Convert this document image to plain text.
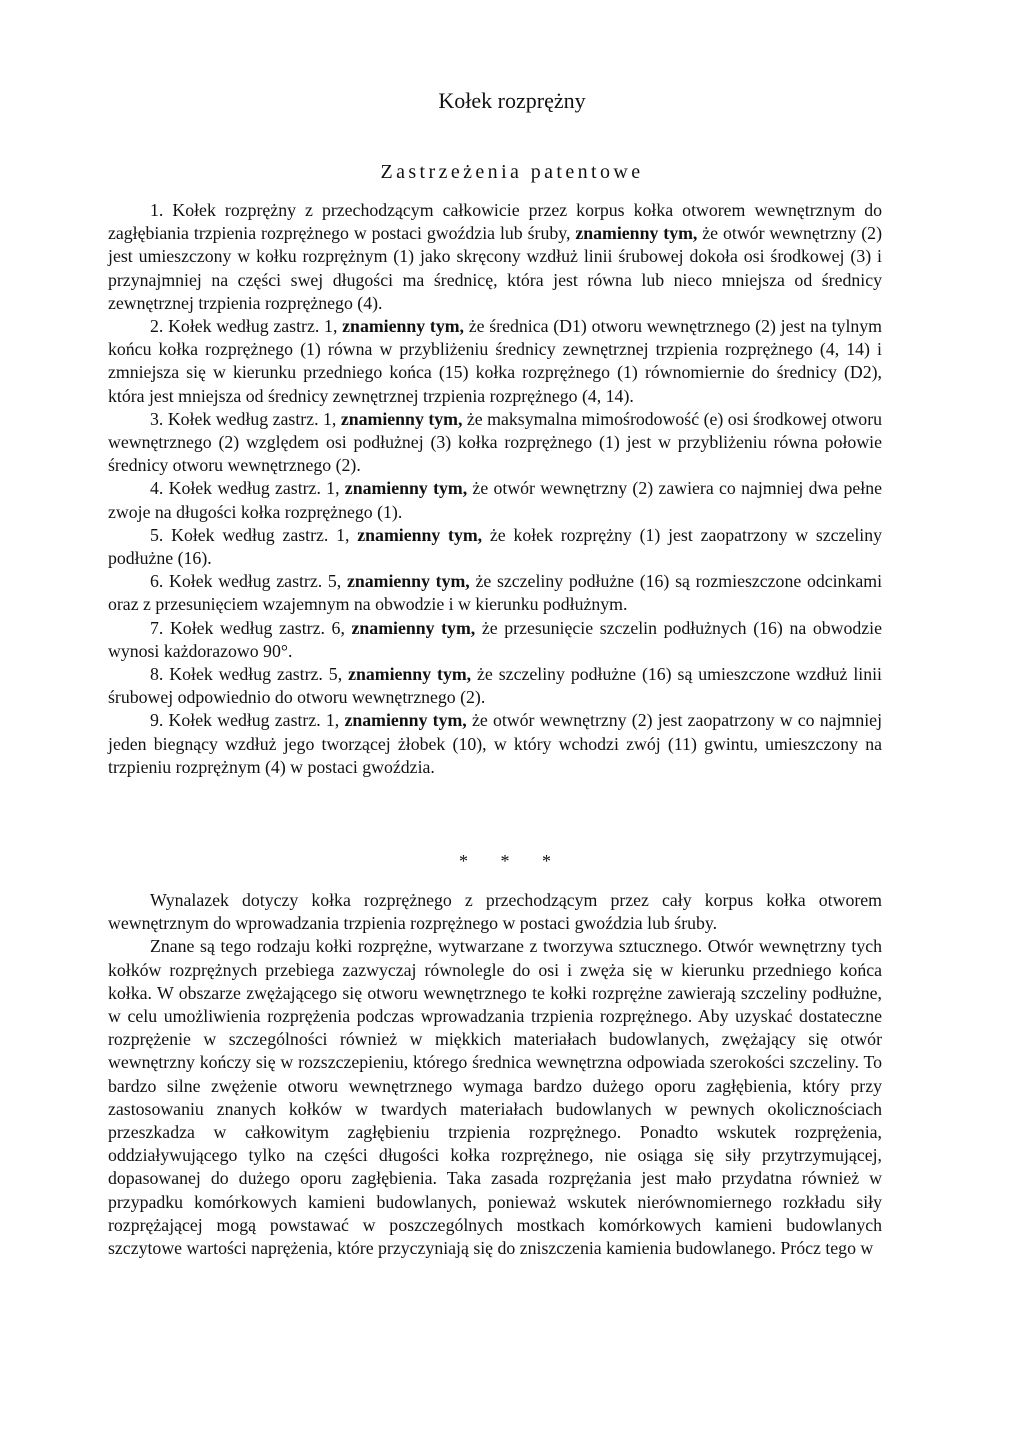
Kołek rozprężny
Zastrzeżenia patentowe

1. Kołek rozprężny z przechodzącym całkowicie przez korpus kołka otworem wewnętrznym do zagłębiania trzpienia rozprężnego w postaci gwoździa lub śruby, znamienny tym, że otwór wewnętrzny (2) jest umieszczony w kołku rozprężnym (1) jako skręcony wzdłuż linii śrubowej dokoła osi środkowej (3) i przynajmniej na części swej długości ma średnicę, która jest równa lub nieco mniejsza od średnicy zewnętrznej trzpienia rozprężnego (4).

2. Kołek według zastrz. 1, znamienny tym, że średnica (D1) otworu wewnętrznego (2) jest na tylnym końcu kołka rozprężnego (1) równa w przybliżeniu średnicy zewnętrznej trzpienia rozprężnego (4, 14) i zmniejsza się w kierunku przedniego końca (15) kołka rozprężnego (1) równomiernie do średnicy (D2), która jest mniejsza od średnicy zewnętrznej trzpienia rozprężnego (4, 14).

3. Kołek według zastrz. 1, znamienny tym, że maksymalna mimośrodowość (e) osi środkowej otworu wewnętrznego (2) względem osi podłużnej (3) kołka rozprężnego (1) jest w przybliżeniu równa połowie średnicy otworu wewnętrznego (2).

4. Kołek według zastrz. 1, znamienny tym, że otwór wewnętrzny (2) zawiera co najmniej dwa pełne zwoje na długości kołka rozprężnego (1).

5. Kołek według zastrz. 1, znamienny tym, że kołek rozprężny (1) jest zaopatrzony w szczeliny podłużne (16).

6. Kołek według zastrz. 5, znamienny tym, że szczeliny podłużne (16) są rozmieszczone odcinkami oraz z przesunięciem wzajemnym na obwodzie i w kierunku podłużnym.

7. Kołek według zastrz. 6, znamienny tym, że przesunięcie szczelin podłużnych (16) na obwodzie wynosi każdorazowo 90°.

8. Kołek według zastrz. 5, znamienny tym, że szczeliny podłużne (16) są umieszczone wzdłuż linii śrubowej odpowiednio do otworu wewnętrznego (2).

9. Kołek według zastrz. 1, znamienny tym, że otwór wewnętrzny (2) jest zaopatrzony w co najmniej jeden biegnący wzdłuż jego tworzącej żłobek (10), w który wchodzi zwój (11) gwintu, umieszczony na trzpieniu rozprężnym (4) w postaci gwoździa.

* * *

Wynalazek dotyczy kołka rozprężnego z przechodzącym przez cały korpus kołka otworem wewnętrznym do wprowadzania trzpienia rozprężnego w postaci gwoździa lub śruby.

Znane są tego rodzaju kołki rozprężne, wytwarzane z tworzywa sztucznego. Otwór wewnętrzny tych kołków rozprężnych przebiega zazwyczaj równolegle do osi i zwęża się w kierunku przedniego końca kołka. W obszarze zwężającego się otworu wewnętrznego te kołki rozprężne zawierają szczeliny podłużne, w celu umożliwienia rozprężenia podczas wprowadzania trzpienia rozprężnego. Aby uzyskać dostateczne rozprężenie w szczególności również w miękkich materiałach budowlanych, zwężający się otwór wewnętrzny kończy się w rozszczepieniu, którego średnica wewnętrzna odpowiada szerokości szczeliny. To bardzo silne zwężenie otworu wewnętrznego wymaga bardzo dużego oporu zagłębienia, który przy zastosowaniu znanych kołków w twardych materiałach budowlanych w pewnych okolicznościach przeszkadza w całkowitym zagłębieniu trzpienia rozprężnego. Ponadto wskutek rozprężenia, oddziaływującego tylko na części długości kołka rozprężnego, nie osiąga się siły przytrzymującej, dopasowanej do dużego oporu zagłębienia. Taka zasada rozprężania jest mało przydatna również w przypadku komórkowych kamieni budowlanych, ponieważ wskutek nierównomiernego rozkładu siły rozprężającej mogą powstawać w poszczególnych mostkach komórkowych kamieni budowlanych szczytowe wartości naprężenia, które przyczyniają się do zniszczenia kamienia budowlanego. Prócz tego w
